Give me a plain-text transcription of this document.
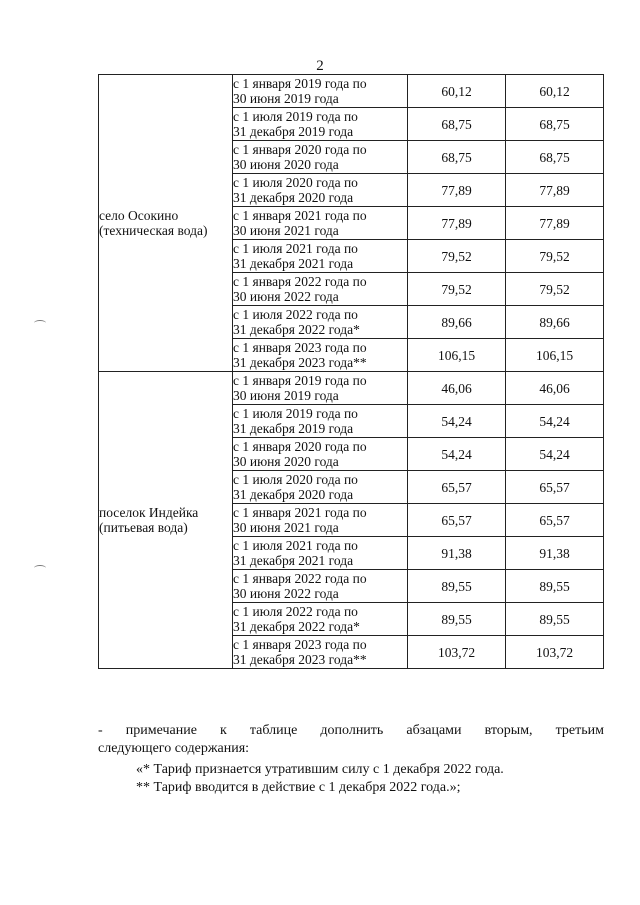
2
село Осокино
(техническая вода)	с 1 января 2019 года по
30 июня 2019 года	60,12	60,12

	с 1 июля 2019 года по
31 декабря 2019 года	68,75	68,75

	с 1 января 2020 года по
30 июня 2020 года	68,75	68,75

	с 1 июля 2020 года по
31 декабря 2020 года	77,89	77,89

	с 1 января 2021 года по
30 июня 2021 года	77,89	77,89

	с 1 июля 2021 года по
31 декабря 2021 года	79,52	79,52

	с 1 января 2022 года по
30 июня 2022 года	79,52	79,52

	с 1 июля 2022 года по
31 декабря 2022 года*	89,66	89,66

	с 1 января 2023 года по
31 декабря 2023 года**	106,15	106,15

поселок Индейка
(питьевая вода)	с 1 января 2019 года по
30 июня 2019 года	46,06	46,06

	с 1 июля 2019 года по
31 декабря 2019 года	54,24	54,24

	с 1 января 2020 года по
30 июня 2020 года	54,24	54,24

	с 1 июля 2020 года по
31 декабря 2020 года	65,57	65,57

	с 1 января 2021 года по
30 июня 2021 года	65,57	65,57

	с 1 июля 2021 года по
31 декабря 2021 года	91,38	91,38

	с 1 января 2022 года по
30 июня 2022 года	89,55	89,55

	с 1 июля 2022 года по
31 декабря 2022 года*	89,55	89,55

	с 1 января 2023 года по
31 декабря 2023 года**	103,72	103,72
- примечание к таблице дополнить абзацами вторым, третьим
следующего содержания:
«* Тариф признается утратившим силу с 1 декабря 2022 года.
** Тариф вводится в действие с 1 декабря 2022 года.»;
